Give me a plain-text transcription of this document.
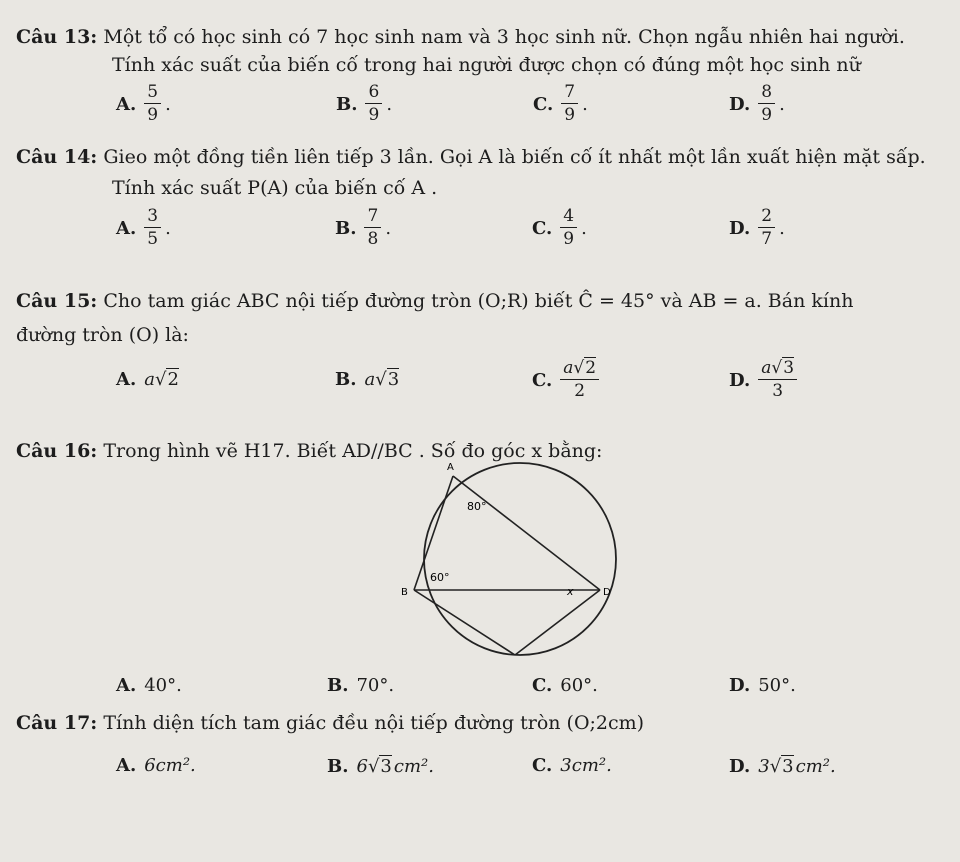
Câu 13: Một tổ có học sinh có 7 học sinh nam và 3 học sinh nữ. Chọn ngẫu nhiên hai người.
Tính xác suất của biến cố trong hai người được chọn có đúng một học sinh nữ
A. $\frac{5}{9}$ .	B. $\frac{6}{9}$ .	C. $\frac{7}{9}$ .	D. $\frac{8}{9}$ .
Câu 14: Gieo một đồng tiền liên tiếp 3 lần. Gọi A là biến cố ít nhất một lần xuất hiện mặt sấp.
Tính xác suất P(A) của biến cố A .
A. $\frac{3}{5}$ .	B. $\frac{7}{8}$ .	C. $\frac{4}{9}$ .	D. $\frac{2}{7}$ .
Câu 15: Cho tam giác ABC nội tiếp đường tròn (O;R) biết Ĉ = 45° và AB = a. Bán kính
đường tròn (O) là:
A. a √ 2	B. a √ 3	C. $\frac{a√2}{2}$	D. $\frac{a√3}{3}$
Câu 16: Trong hình vẽ H17. Biết AD//BC . Số đo góc x bằng:
A
B	D
x
80°
60°
A. 40°.	B. 70°.	C. 60°.	D. 50°.
Câu 17: Tính diện tích tam giác đều nội tiếp đường tròn (O;2cm)
A. 6cm².	B. 6 √ 3 cm².	C. 3cm².	D. 3 √ 3 cm².
